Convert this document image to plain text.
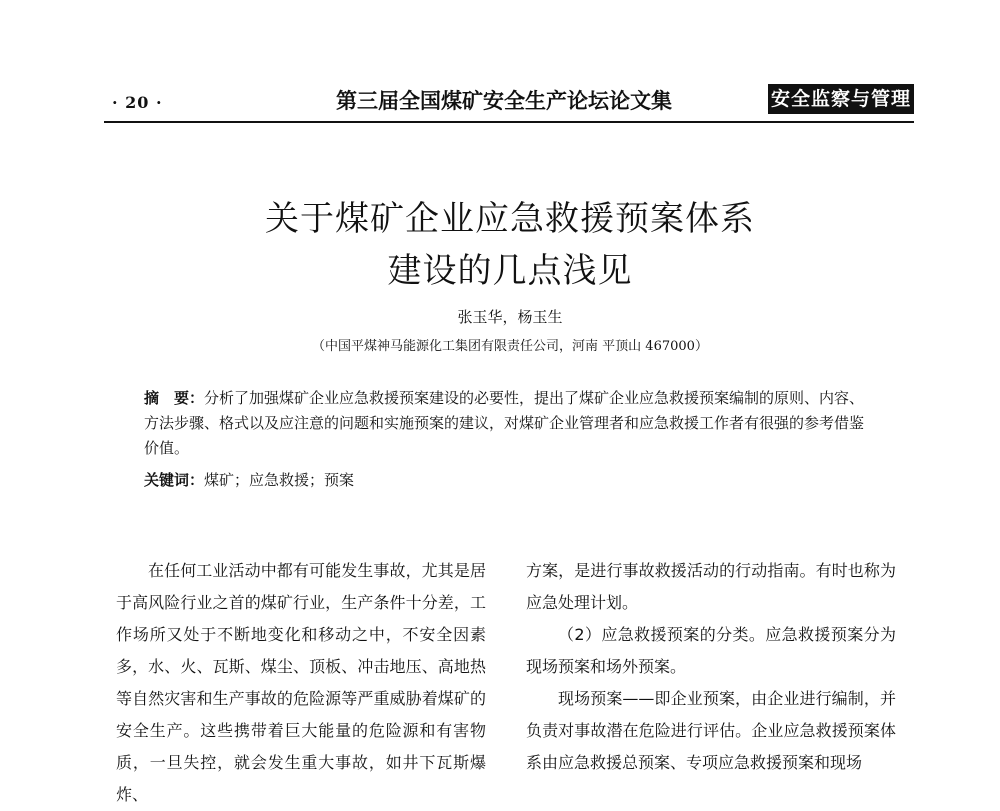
· 20 ·	第三届全国煤矿安全生产论坛论文集	安全监察与管理
关于煤矿企业应急救援预案体系
建设的几点浅见
张玉华，杨玉生
（中国平煤神马能源化工集团有限责任公司，河南 平顶山 467000）
摘　要：分析了加强煤矿企业应急救援预案建设的必要性，提出了煤矿企业应急救援预案编制的原则、内容、方法步骤、格式以及应注意的问题和实施预案的建议，对煤矿企业管理者和应急救援工作者有很强的参考借鉴价值。
关键词：煤矿；应急救援；预案

在任何工业活动中都有可能发生事故，尤其是居于高风险行业之首的煤矿行业，生产条件十分差，工作场所又处于不断地变化和移动之中，不安全因素多，水、火、瓦斯、煤尘、顶板、冲击地压、高地热等自然灾害和生产事故的危险源等严重威胁着煤矿的安全生产。这些携带着巨大能量的危险源和有害物质，一旦失控，就会发生重大事故，如井下瓦斯爆炸、

方案，是进行事故救援活动的行动指南。有时也称为应急处理计划。

（2）应急救援预案的分类。应急救援预案分为现场预案和场外预案。

现场预案——即企业预案，由企业进行编制，并负责对事故潜在危险进行评估。企业应急救援预案体系由应急救援总预案、专项应急救援预案和现场
